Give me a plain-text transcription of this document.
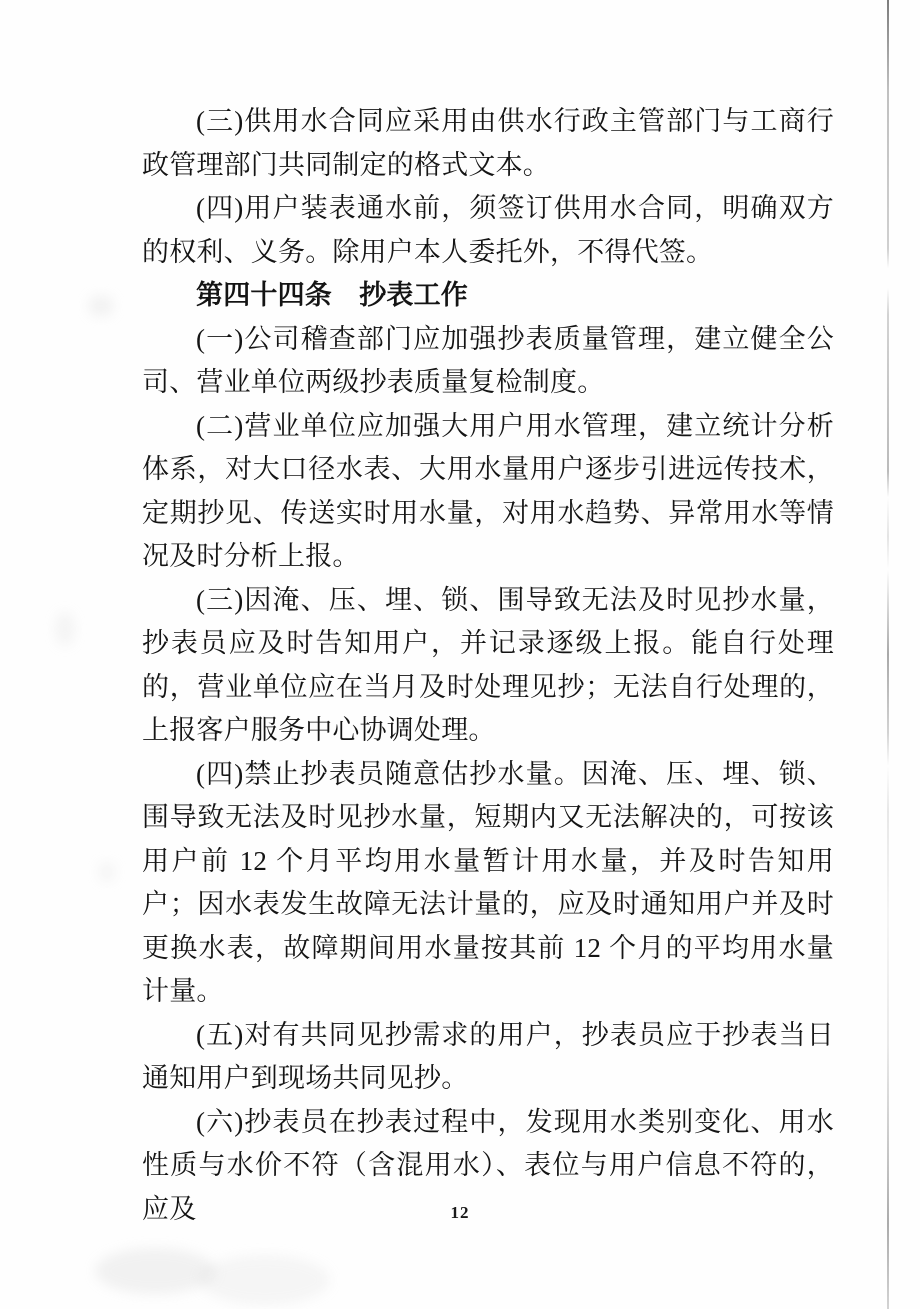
(三)供用水合同应采用由供水行政主管部门与工商行政管理部门共同制定的格式文本。

(四)用户装表通水前，须签订供用水合同，明确双方的权利、义务。除用户本人委托外，不得代签。

第四十四条　抄表工作

(一)公司稽查部门应加强抄表质量管理，建立健全公司、营业单位两级抄表质量复检制度。

(二)营业单位应加强大用户用水管理，建立统计分析体系，对大口径水表、大用水量用户逐步引进远传技术，定期抄见、传送实时用水量，对用水趋势、异常用水等情况及时分析上报。

(三)因淹、压、埋、锁、围导致无法及时见抄水量，抄表员应及时告知用户，并记录逐级上报。能自行处理的，营业单位应在当月及时处理见抄；无法自行处理的，上报客户服务中心协调处理。

(四)禁止抄表员随意估抄水量。因淹、压、埋、锁、围导致无法及时见抄水量，短期内又无法解决的，可按该用户前 12 个月平均用水量暂计用水量，并及时告知用户；因水表发生故障无法计量的，应及时通知用户并及时更换水表，故障期间用水量按其前 12 个月的平均用水量计量。

(五)对有共同见抄需求的用户，抄表员应于抄表当日通知用户到现场共同见抄。

(六)抄表员在抄表过程中，发现用水类别变化、用水性质与水价不符（含混用水）、表位与用户信息不符的，应及	12
